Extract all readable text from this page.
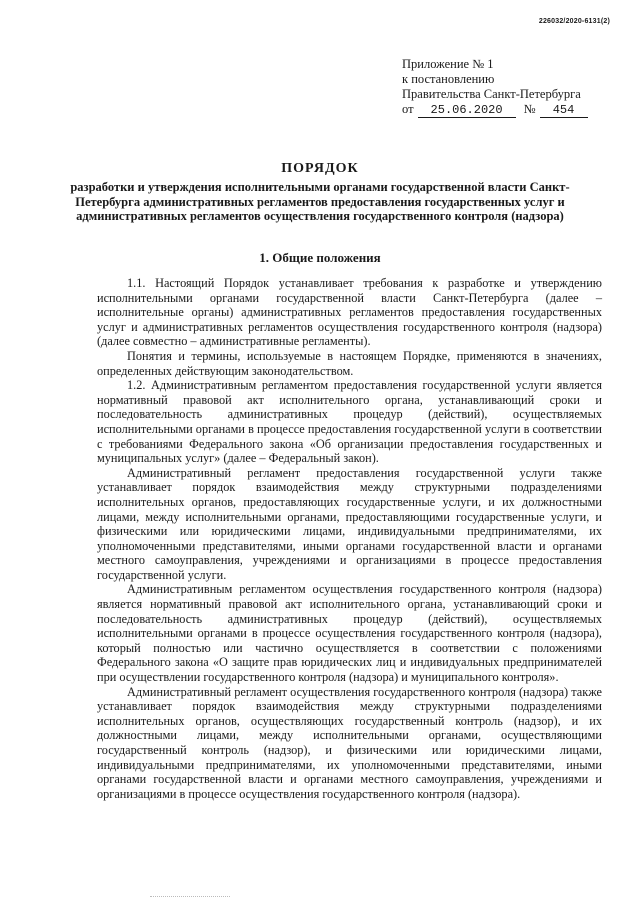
226032/2020-6131(2)
Приложение № 1
к постановлению
Правительства Санкт-Петербурга
от	25.06.2020	№	454
ПОРЯДОК
разработки и утверждения исполнительными органами государственной власти Санкт-Петербурга административных регламентов предоставления государственных услуг и административных регламентов осуществления государственного контроля (надзора)
1. Общие положения

1.1. Настоящий Порядок устанавливает требования к разработке и утверждению исполнительными органами государственной власти Санкт-Петербурга (далее – исполнительные органы) административных регламентов предоставления государственных услуг и административных регламентов осуществления государственного контроля (надзора) (далее совместно – административные регламенты).

Понятия и термины, используемые в настоящем Порядке, применяются в значениях, определенных действующим законодательством.

1.2. Административным регламентом предоставления государственной услуги является нормативный правовой акт исполнительного органа, устанавливающий сроки и последовательность административных процедур (действий), осуществляемых исполнительными органами в процессе предоставления государственной услуги в соответствии с требованиями Федерального закона «Об организации предоставления государственных и муниципальных услуг» (далее – Федеральный закон).

Административный регламент предоставления государственной услуги также устанавливает порядок взаимодействия между структурными подразделениями исполнительных органов, предоставляющих государственные услуги, и их должностными лицами, между исполнительными органами, предоставляющими государственные услуги, и физическими или юридическими лицами, индивидуальными предпринимателями, их уполномоченными представителями, иными органами государственной власти и органами местного самоуправления, учреждениями и организациями в процессе предоставления государственной услуги.

Административным регламентом осуществления государственного контроля (надзора) является нормативный правовой акт исполнительного органа, устанавливающий сроки и последовательность административных процедур (действий), осуществляемых исполнительными органами в процессе осуществления государственного контроля (надзора), который полностью или частично осуществляется в соответствии с положениями Федерального закона «О защите прав юридических лиц и индивидуальных предпринимателей при осуществлении государственного контроля (надзора) и муниципального контроля».

Административный регламент осуществления государственного контроля (надзора) также устанавливает порядок взаимодействия между структурными подразделениями исполнительных органов, осуществляющих государственный контроль (надзор), и их должностными лицами, между исполнительными органами, осуществляющими государственный контроль (надзор), и физическими или юридическими лицами, индивидуальными предпринимателями, их уполномоченными представителями, иными органами государственной власти и органами местного самоуправления, учреждениями и организациями в процессе осуществления государственного контроля (надзора).
